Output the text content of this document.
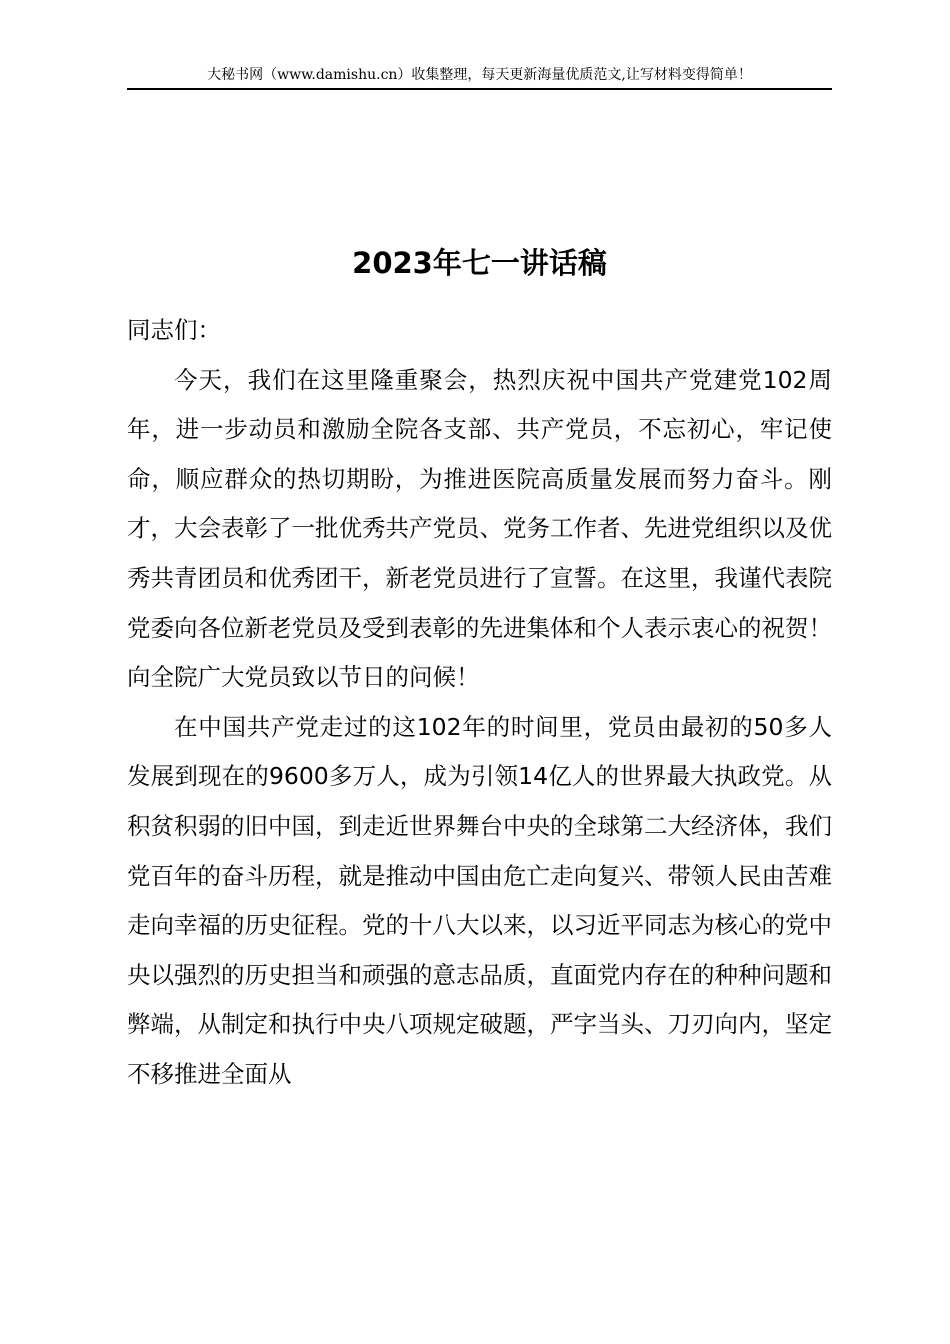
大秘书网（www.damishu.cn）收集整理，每天更新海量优质范文,让写材料变得简单！
2023年七一讲话稿

同志们：

今天，我们在这里隆重聚会，热烈庆祝中国共产党建党102周年，进一步动员和激励全院各支部、共产党员，不忘初心，牢记使命，顺应群众的热切期盼，为推进医院高质量发展而努力奋斗。刚才，大会表彰了一批优秀共产党员、党务工作者、先进党组织以及优秀共青团员和优秀团干，新老党员进行了宣誓。在这里，我谨代表院党委向各位新老党员及受到表彰的先进集体和个人表示衷心的祝贺！向全院广大党员致以节日的问候！

在中国共产党走过的这102年的时间里，党员由最初的50多人发展到现在的9600多万人，成为引领14亿人的世界最大执政党。从积贫积弱的旧中国，到走近世界舞台中央的全球第二大经济体，我们党百年的奋斗历程，就是推动中国由危亡走向复兴、带领人民由苦难走向幸福的历史征程。党的十八大以来，以习近平同志为核心的党中央以强烈的历史担当和顽强的意志品质，直面党内存在的种种问题和弊端，从制定和执行中央八项规定破题，严字当头、刀刃向内，坚定不移推进全面从
